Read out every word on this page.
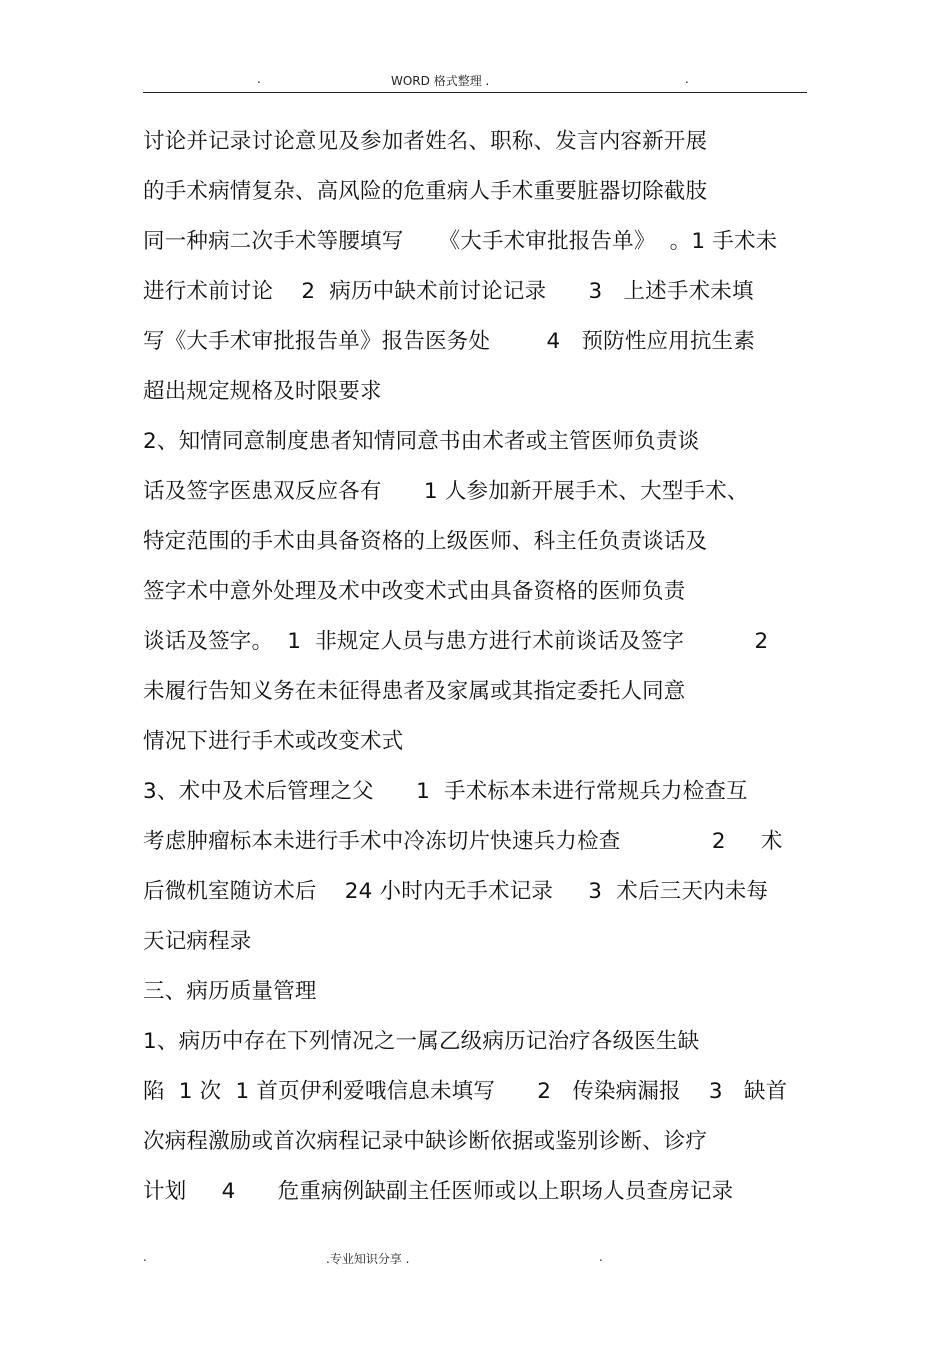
.	WORD 格式整理 .	.
讨论并记录讨论意见及参加者姓名、职称、发言内容新开展
的手术病情复杂、高风险的危重病人手术重要脏器切除截肢
同一种病二次手术等腰填写     《大手术审批报告单》  。1 手术未
进行术前讨论    2  病历中缺术前讨论记录      3   上述手术未填
写《大手术审批报告单》报告医务处        4   预防性应用抗生素
超出规定规格及时限要求
2、知情同意制度患者知情同意书由术者或主管医师负责谈
话及签字医患双反应各有      1 人参加新开展手术、大型手术、
特定范围的手术由具备资格的上级医师、科主任负责谈话及
签字术中意外处理及术中改变术式由具备资格的医师负责
谈话及签字。  1  非规定人员与患方进行术前谈话及签字          2
未履行告知义务在未征得患者及家属或其指定委托人同意
情况下进行手术或改变术式
3、术中及术后管理之父      1  手术标本未进行常规兵力检查互
考虑肿瘤标本未进行手术中冷冻切片快速兵力检查             2     术
后微机室随访术后    24 小时内无手术记录     3  术后三天内未每
天记病程录
三、病历质量管理
1、病历中存在下列情况之一属乙级病历记治疗各级医生缺
陷  1 次  1 首页伊利爱哦信息未填写      2   传染病漏报    3   缺首
次病程激励或首次病程记录中缺诊断依据或鉴别诊断、诊疗
计划     4      危重病例缺副主任医师或以上职场人员查房记录
.	.专业知识分享 .	.
